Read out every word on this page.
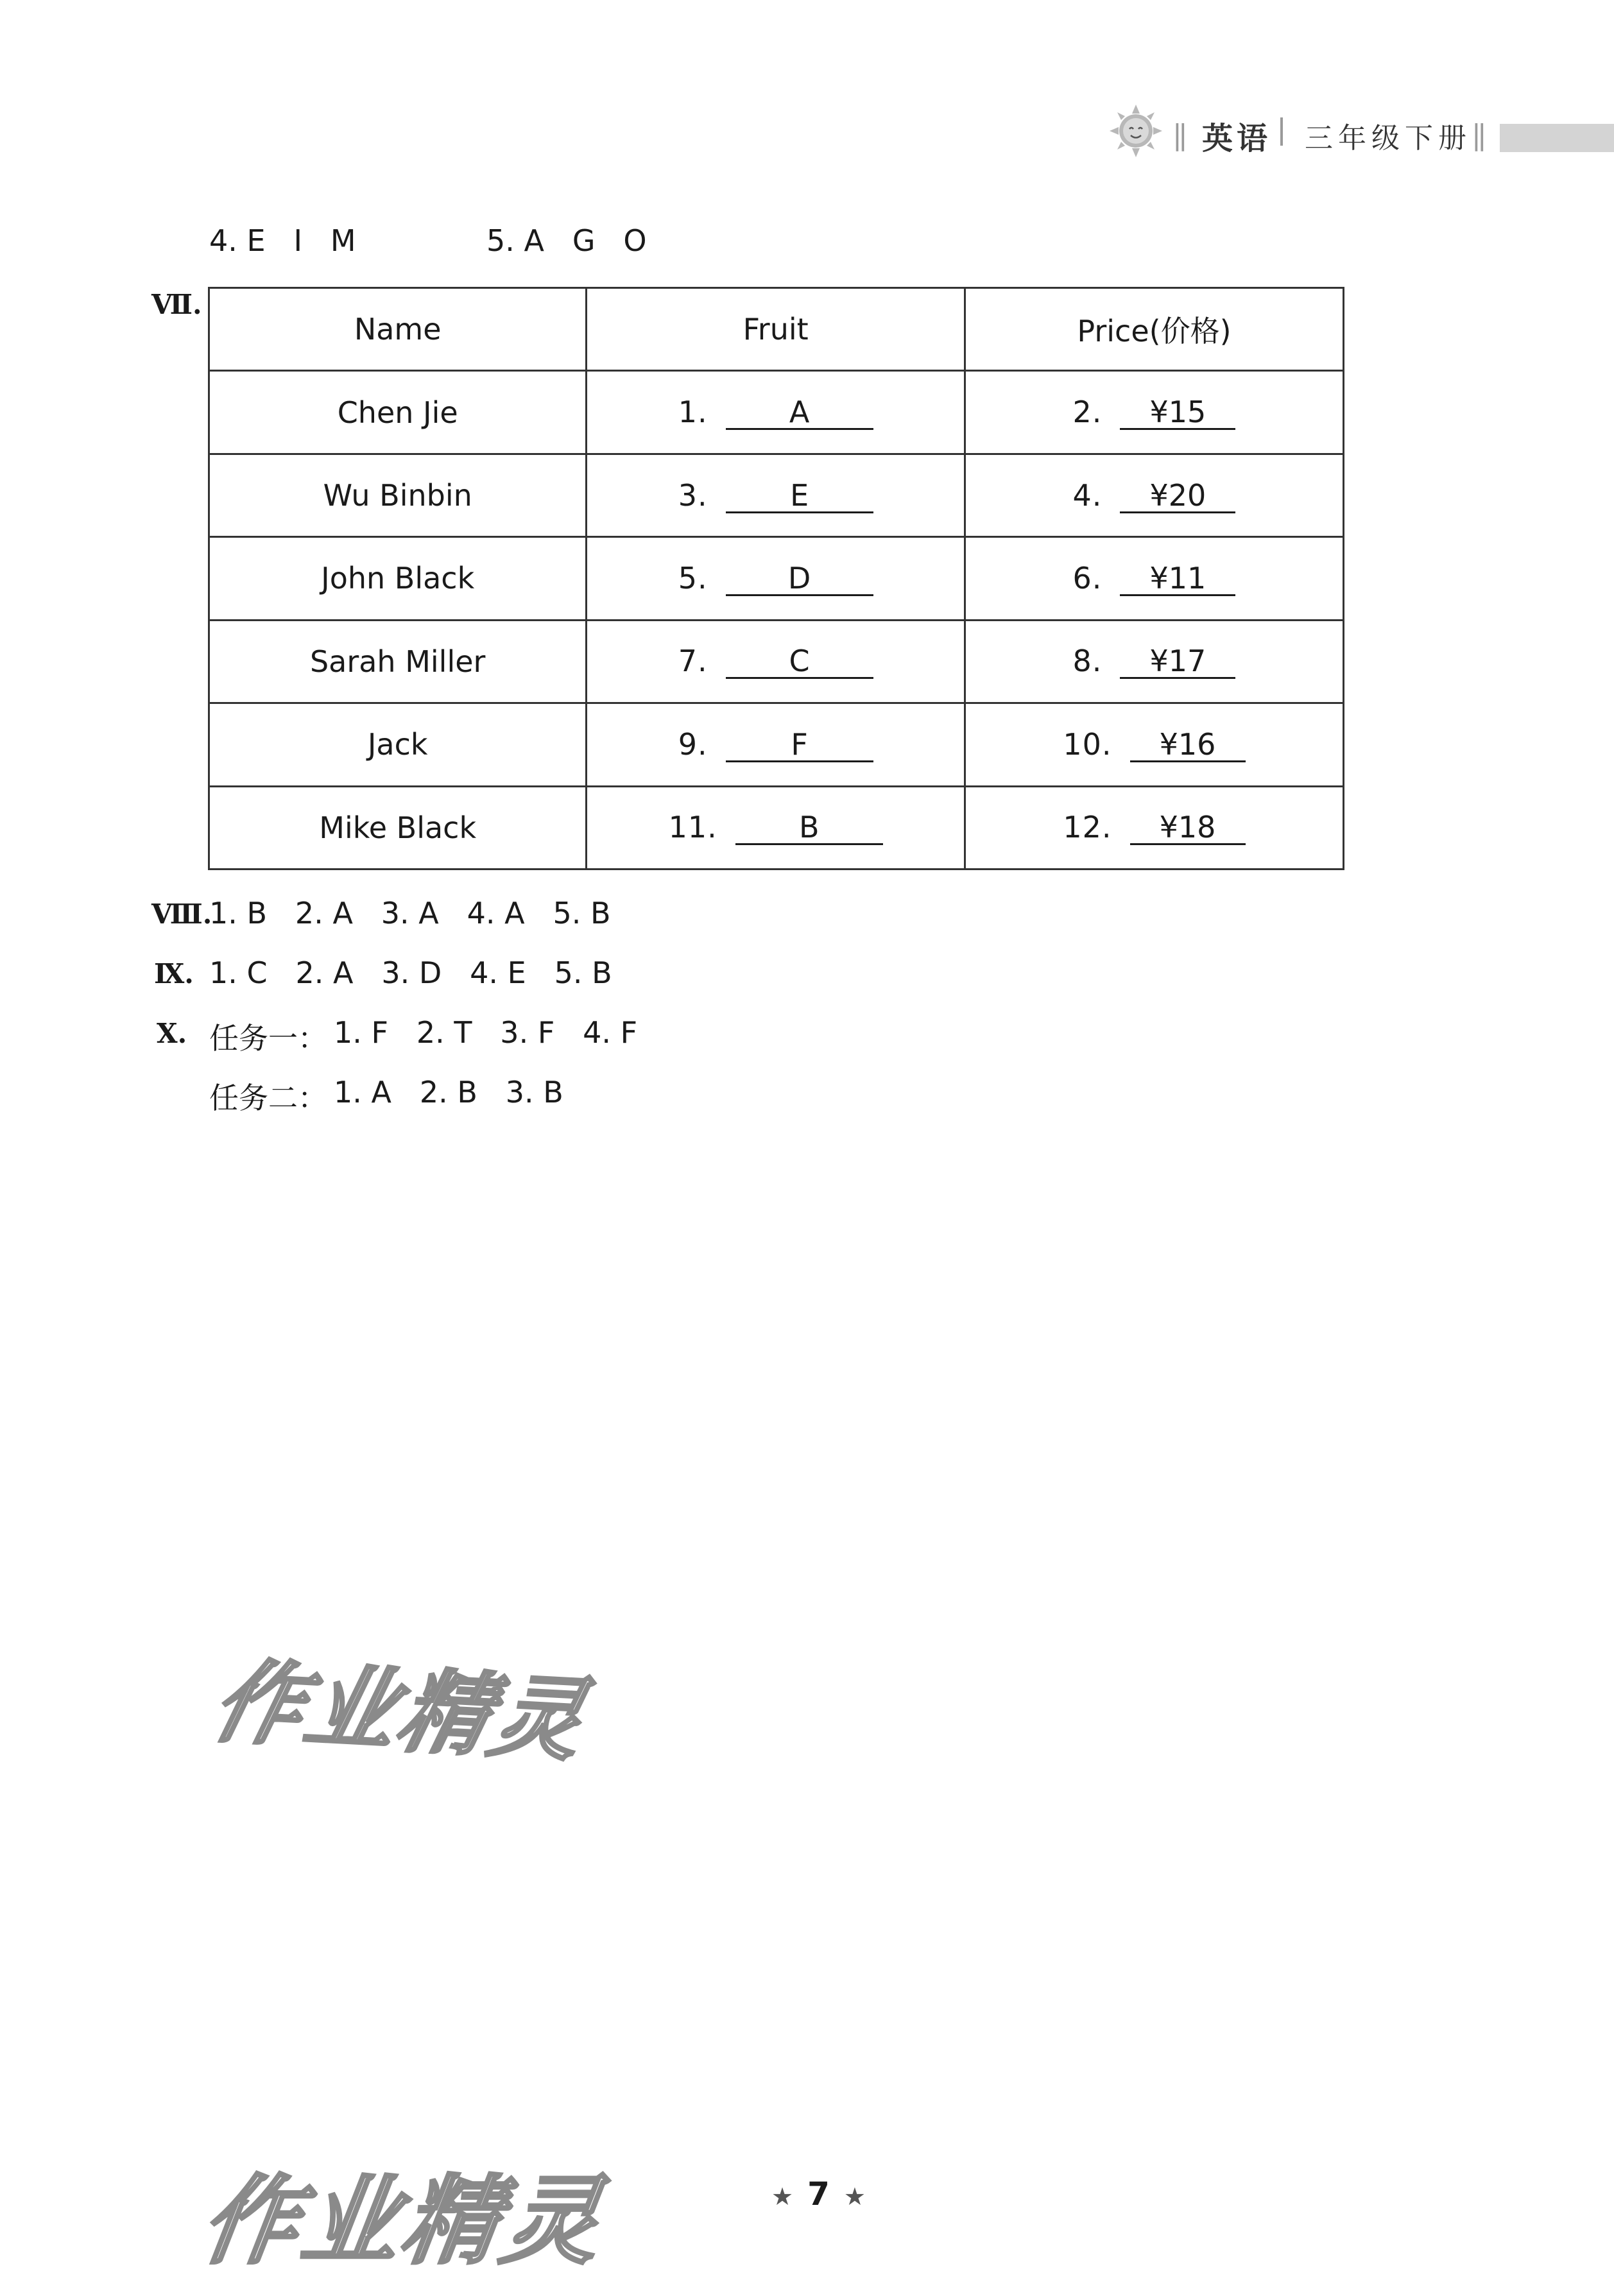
|| 英语 三年级下册 ||
4. E   I   M	5. A   G   O
Ⅶ.
Name	Fruit	Price(价格)
Chen Jie	1. A	2. ¥15
Wu Binbin	3. E	4. ¥20
John Black	5. D	6. ¥11
Sarah Miller	7. C	8. ¥17
Jack	9. F	10. ¥16
Mike Black	11. B	12. ¥18
Ⅷ.
1. B   2. A   3. A   4. A   5. B
Ⅸ. 1. C   2. A   3. D   4. E   5. B
Ⅹ. 任务一： 1. F   2. T   3. F   4. F
任务二： 1. A   2. B   3. B
作业精灵
作业精灵	★ 7 ★
